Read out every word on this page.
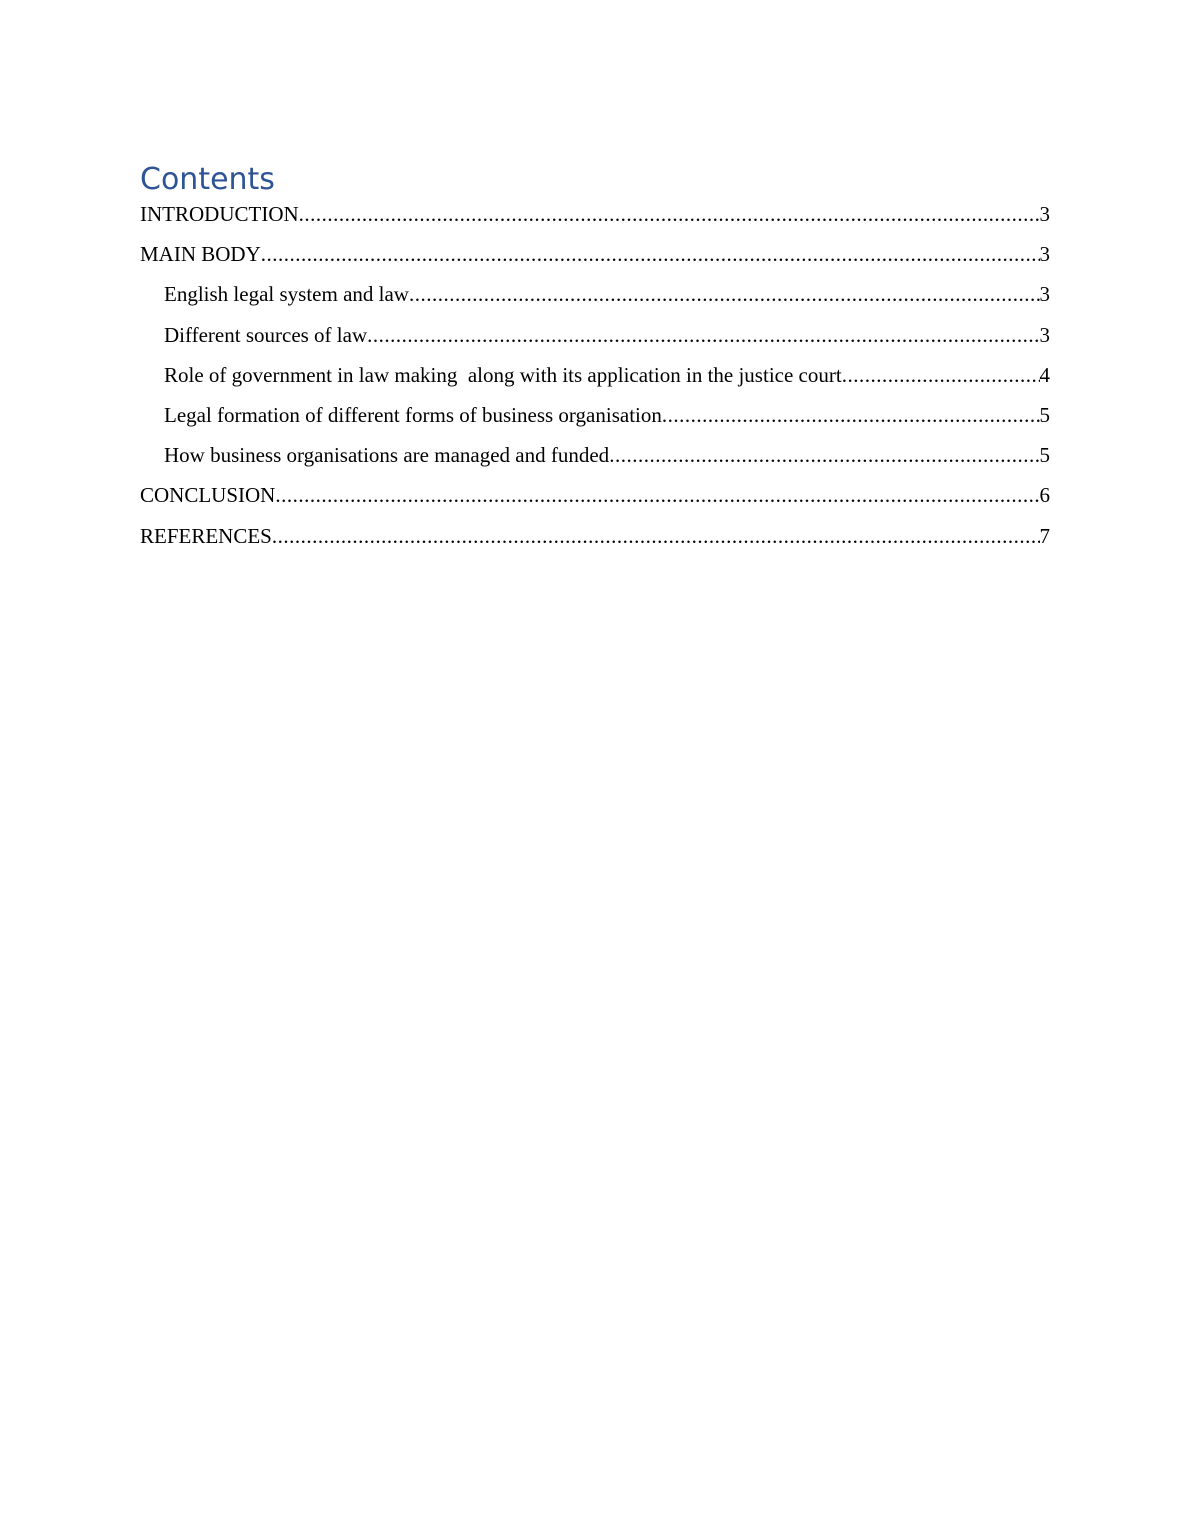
Contents
INTRODUCTION .....	3
MAIN BODY .....	3
English legal system and law .....	3
Different sources of law .....	3
Role of government in law making  along with its application in the justice court .....	4
Legal formation of different forms of business organisation .....	5
How business organisations are managed and funded .....	5
CONCLUSION .....	6
REFERENCES .....	7
